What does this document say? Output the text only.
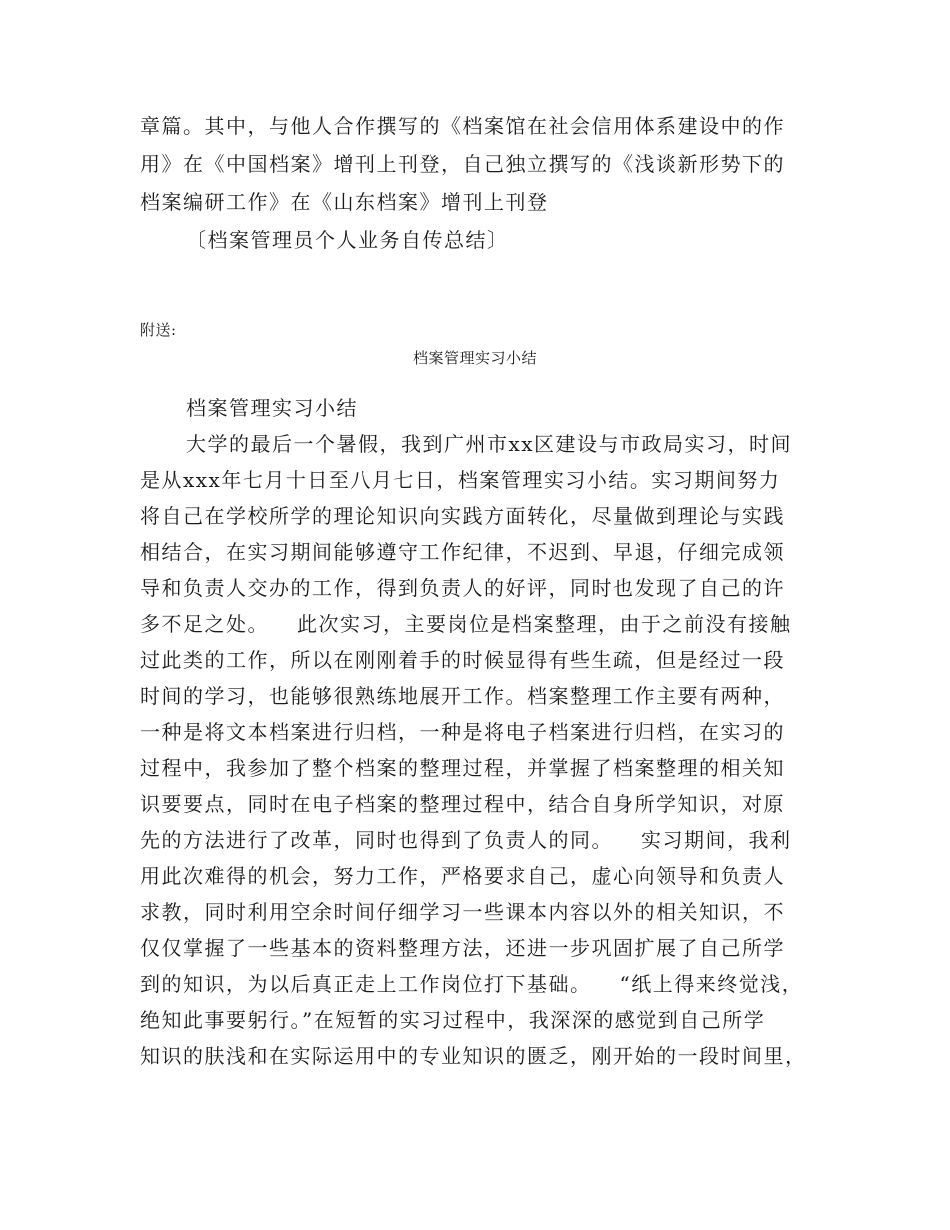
章篇。其中，与他人合作撰写的《档案馆在社会信用体系建设中的作
用》在《中国档案》增刊上刊登，自己独立撰写的《浅谈新形势下的
档案编研工作》在《山东档案》增刊上刊登
〔档案管理员个人业务自传总结〕
附送:
档案管理实习小结
档案管理实习小结
大学的最后一个暑假，我到广州市xx区建设与市政局实习，时间
是从xxx年七月十日至八月七日，档案管理实习小结。实习期间努力
将自己在学校所学的理论知识向实践方面转化，尽量做到理论与实践
相结合，在实习期间能够遵守工作纪律，不迟到、早退，仔细完成领
导和负责人交办的工作，得到负责人的好评，同时也发现了自己的许
多不足之处。 此次实习，主要岗位是档案整理，由于之前没有接触
过此类的工作，所以在刚刚着手的时候显得有些生疏，但是经过一段
时间的学习，也能够很熟练地展开工作。档案整理工作主要有两种，
一种是将文本档案进行归档，一种是将电子档案进行归档，在实习的
过程中，我参加了整个档案的整理过程，并掌握了档案整理的相关知
识要要点，同时在电子档案的整理过程中，结合自身所学知识，对原
先的方法进行了改革，同时也得到了负责人的同。 实习期间，我利
用此次难得的机会，努力工作，严格要求自己，虚心向领导和负责人
求教，同时利用空余时间仔细学习一些课本内容以外的相关知识，不
仅仅掌握了一些基本的资料整理方法，还进一步巩固扩展了自己所学
到的知识，为以后真正走上工作岗位打下基础。 “纸上得来终觉浅，
绝知此事要躬行。”在短暂的实习过程中，我深深的感觉到自己所学
知识的肤浅和在实际运用中的专业知识的匮乏，刚开始的一段时间里，
